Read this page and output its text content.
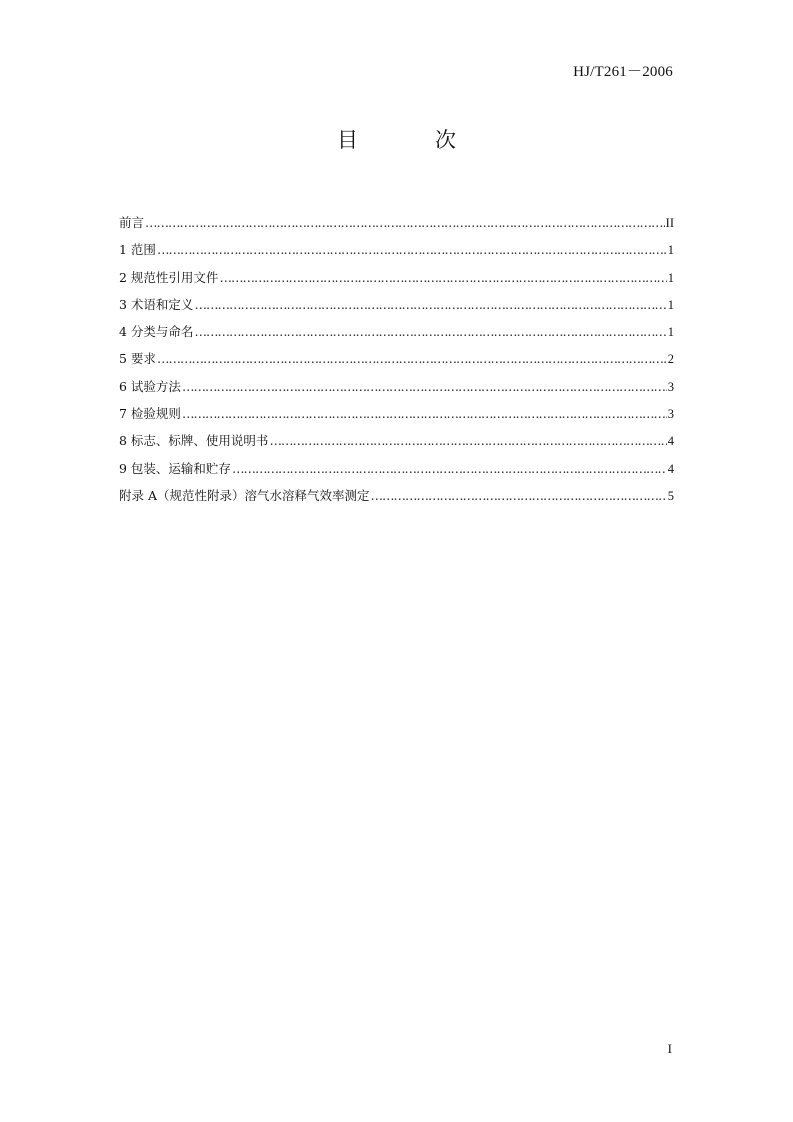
HJ/T261－2006
目　次
前言 …………………………………………………………………………………………………………………………………………………………………………………………	II
1 范围 …………………………………………………………………………………………………………………………………………………………………………………………	1
2 规范性引用文件 …………………………………………………………………………………………………………………………………………………………………………………………	1
3 术语和定义 …………………………………………………………………………………………………………………………………………………………………………………………	1
4 分类与命名 …………………………………………………………………………………………………………………………………………………………………………………………	1
5 要求 …………………………………………………………………………………………………………………………………………………………………………………………	2
6 试验方法 …………………………………………………………………………………………………………………………………………………………………………………………	3
7 检验规则 …………………………………………………………………………………………………………………………………………………………………………………………	3
8 标志、标牌、使用说明书 …………………………………………………………………………………………………………………………………………………………………………………………	4
9 包装、运输和贮存 …………………………………………………………………………………………………………………………………………………………………………………………	4
附录 A（规范性附录）溶气水溶释气效率测定 …………………………………………………………………………………………………………………………………………………………………………………………	5
I
